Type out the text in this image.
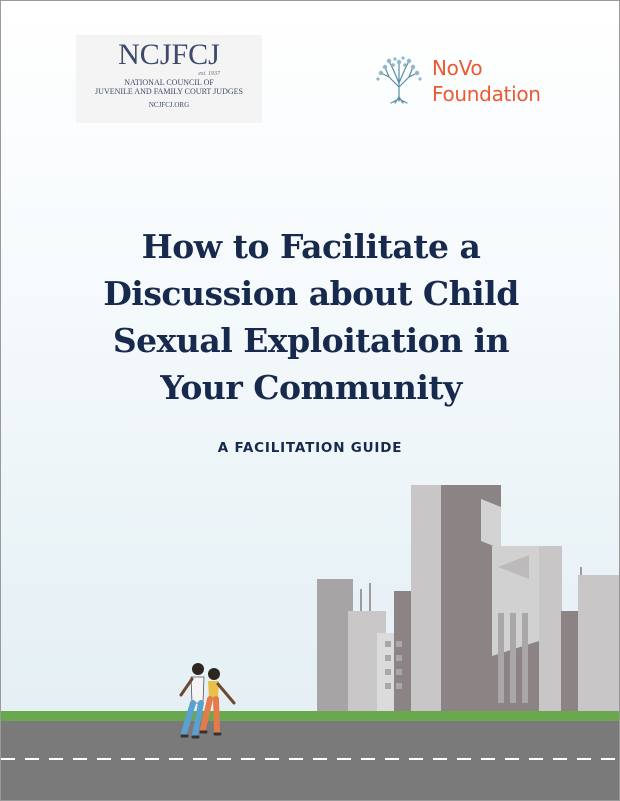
NCJFCJ
est. 1937
NATIONAL COUNCIL OF
JUVENILE AND FAMILY COURT JUDGES
NCJFCJ.ORG
NoVo
Foundation
How to Facilitate a
Discussion about Child
Sexual Exploitation in
Your Community
A FACILITATION GUIDE
